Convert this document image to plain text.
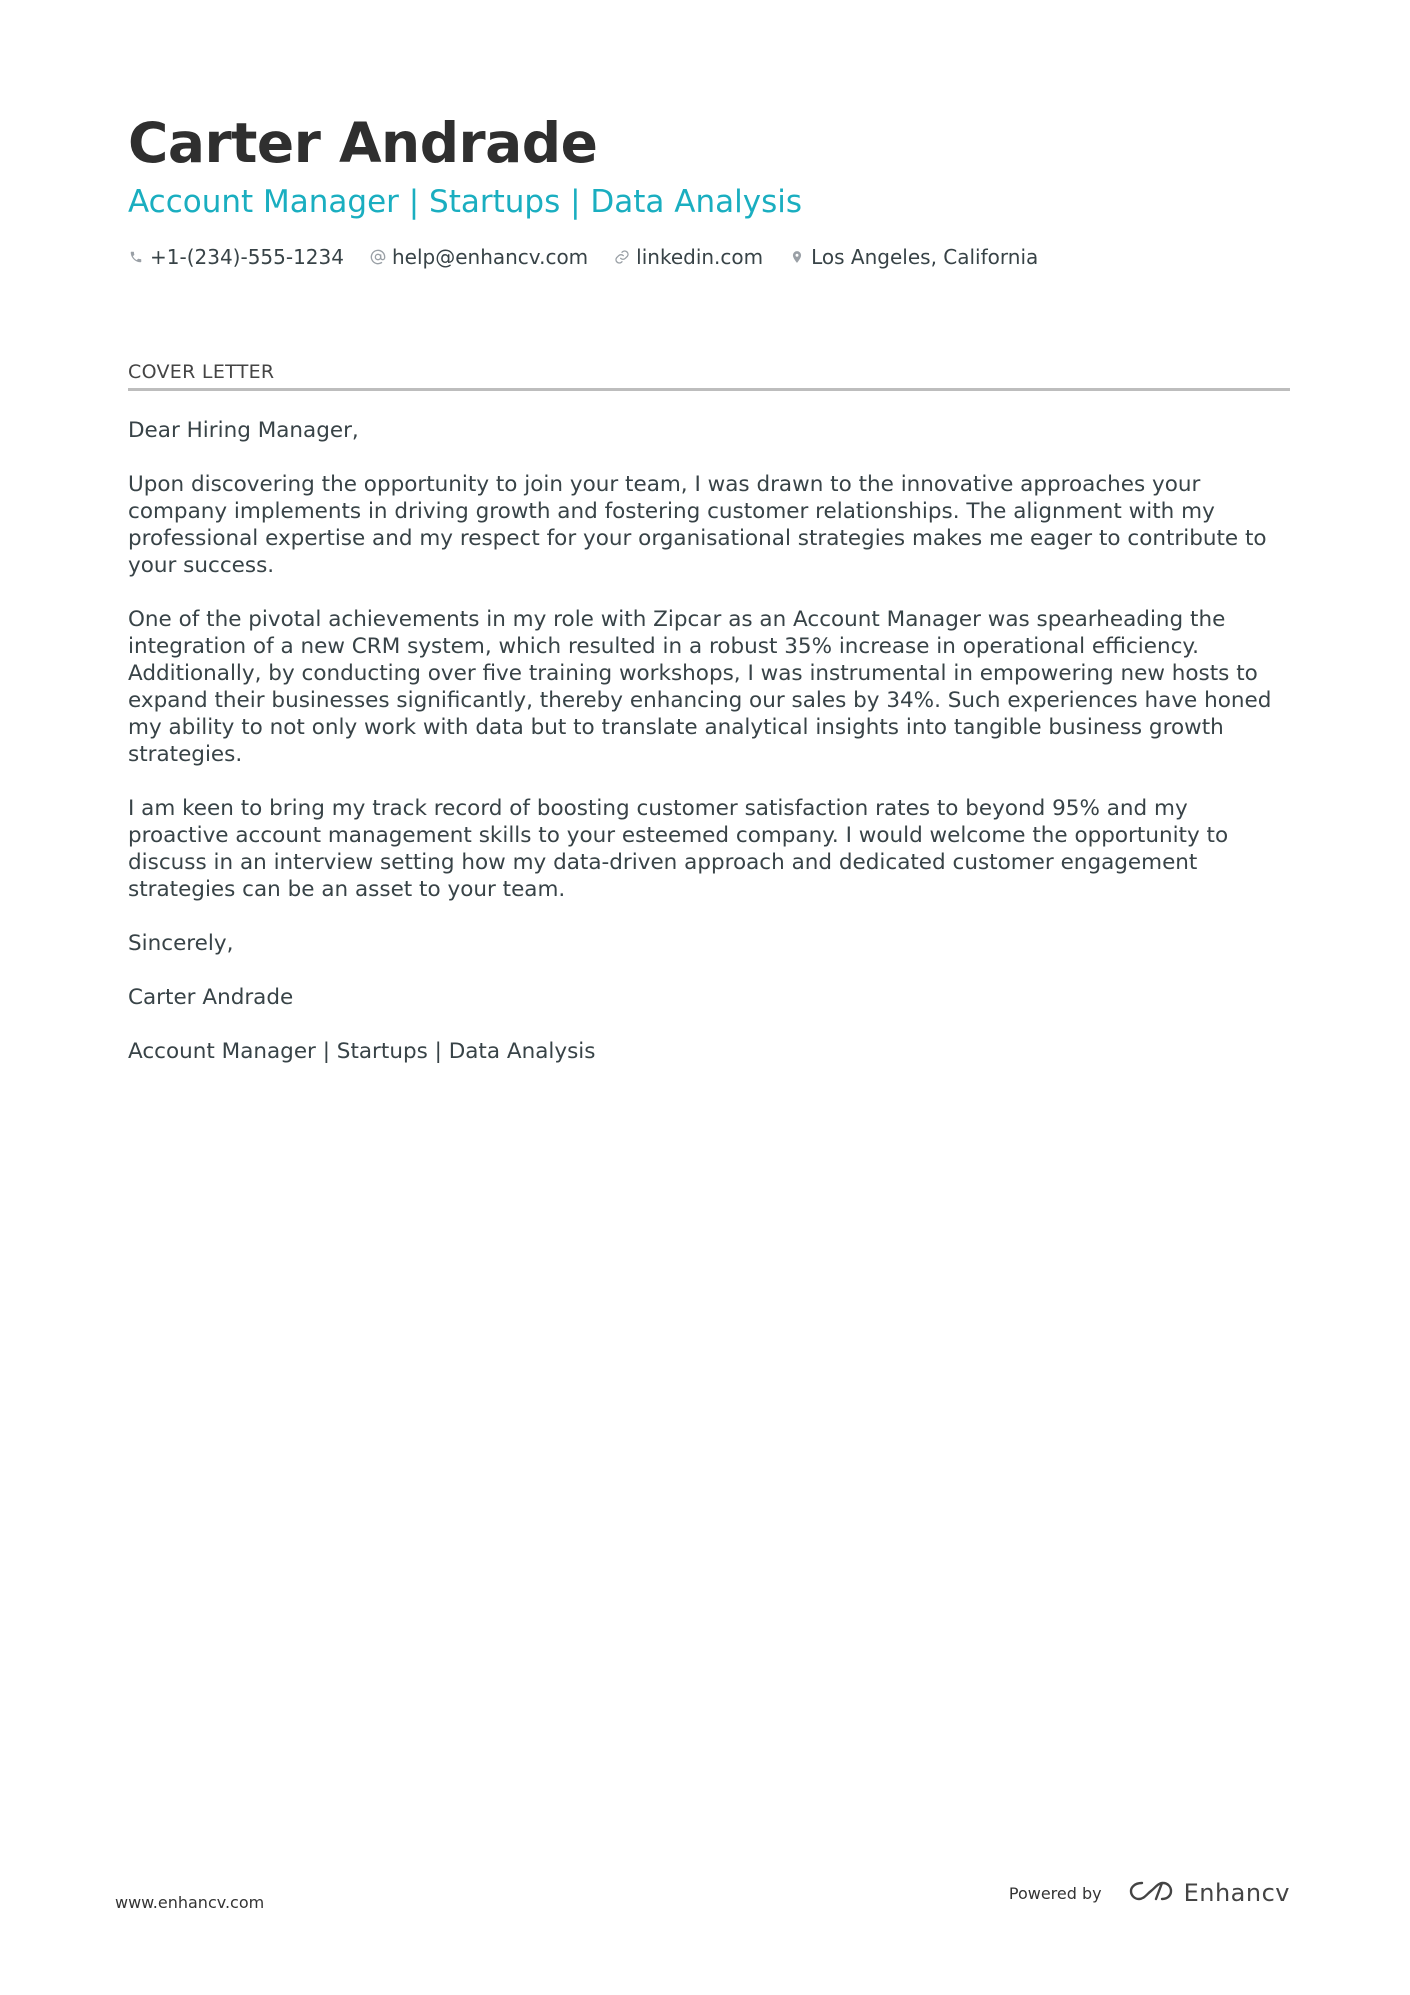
Carter Andrade
Account Manager | Startups | Data Analysis
+1-(234)-555-1234 help@enhancv.com linkedin.com Los Angeles, California
COVER LETTER

Dear Hiring Manager,

Upon discovering the opportunity to join your team, I was drawn to the innovative approaches your company implements in driving growth and fostering customer relationships. The alignment with my professional expertise and my respect for your organisational strategies makes me eager to contribute to your success.

One of the pivotal achievements in my role with Zipcar as an Account Manager was spearheading the integration of a new CRM system, which resulted in a robust 35% increase in operational efficiency. Additionally, by conducting over five training workshops, I was instrumental in empowering new hosts to expand their businesses significantly, thereby enhancing our sales by 34%. Such experiences have honed my ability to not only work with data but to translate analytical insights into tangible business growth strategies.

I am keen to bring my track record of boosting customer satisfaction rates to beyond 95% and my proactive account management skills to your esteemed company. I would welcome the opportunity to discuss in an interview setting how my data-driven approach and dedicated customer engagement strategies can be an asset to your team.

Sincerely,

Carter Andrade

Account Manager | Startups | Data Analysis

www.enhancv.com	Powered by	Enhancv
